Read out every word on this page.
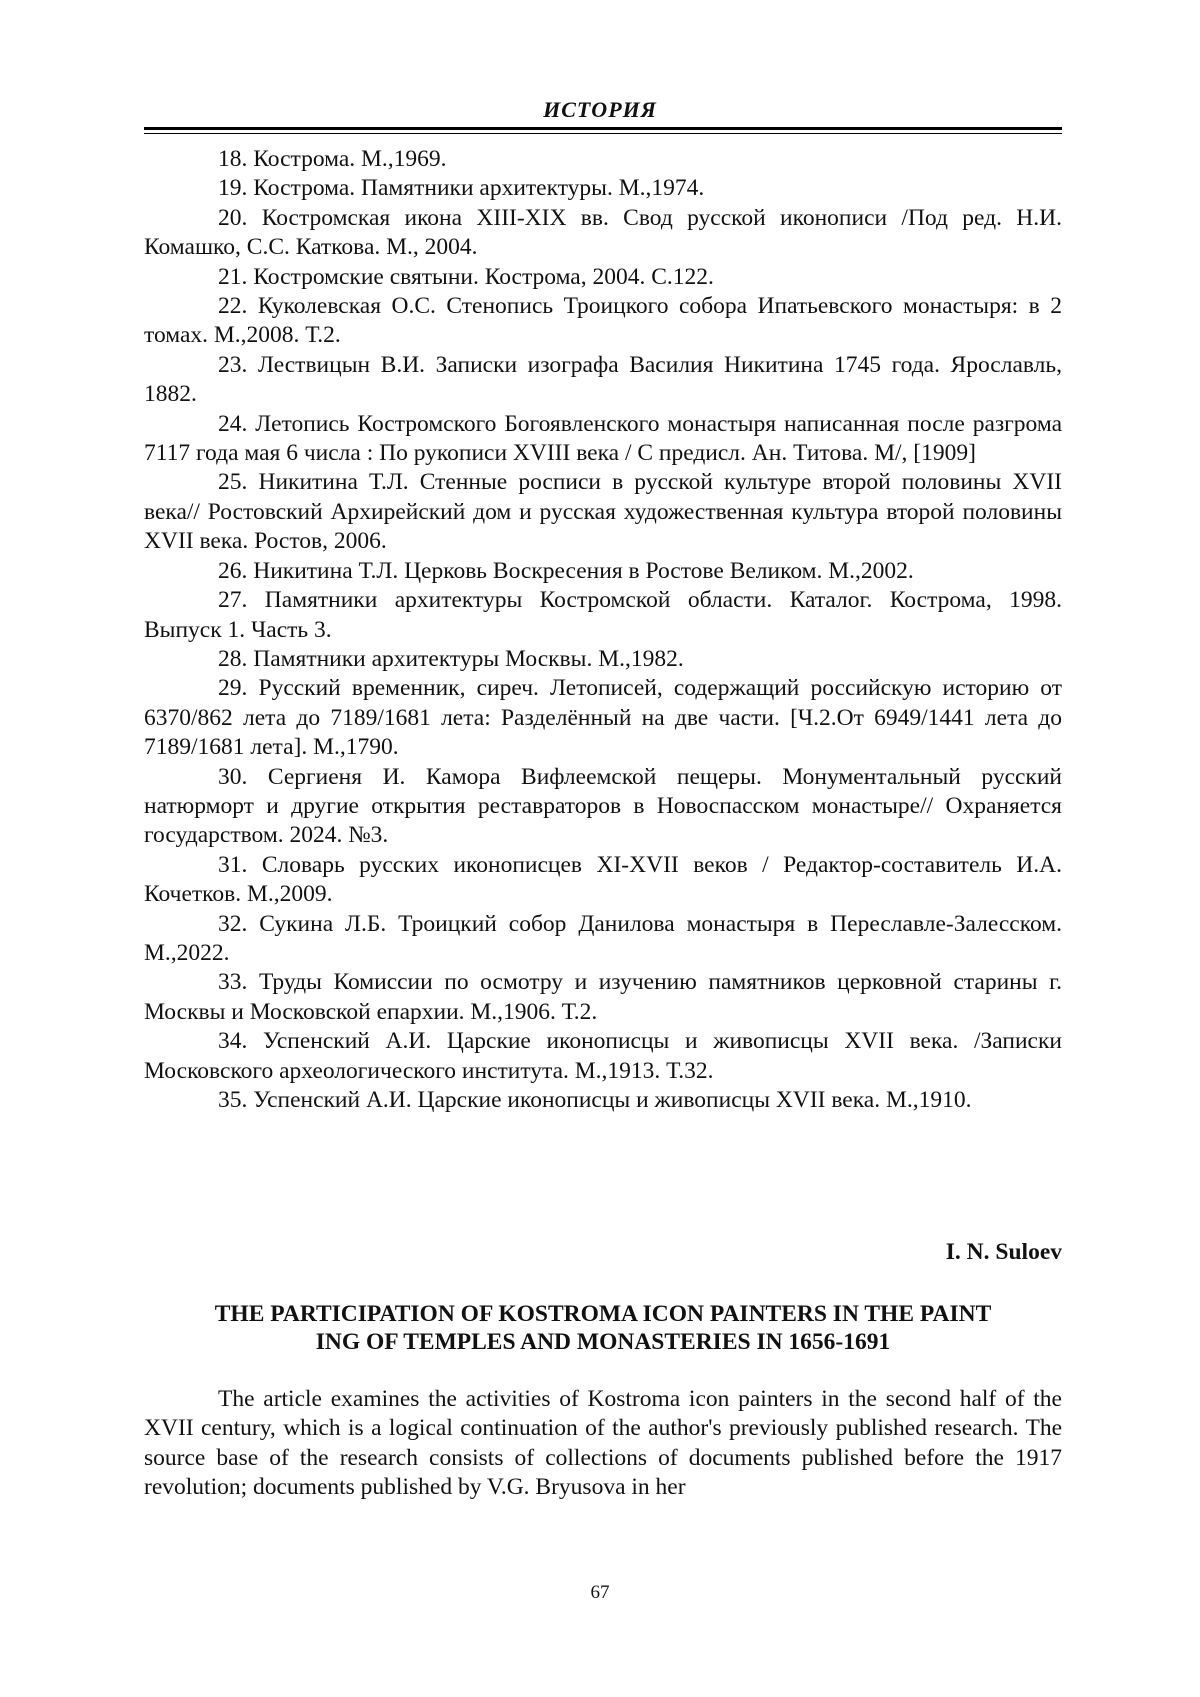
ИСТОРИЯ
18. Кострома. М.,1969.
19. Кострома. Памятники архитектуры. М.,1974.
20. Костромская икона XIII-XIX вв. Свод русской иконописи /Под ред. Н.И. Комашко, С.С. Каткова. М., 2004.
21. Костромские святыни. Кострома, 2004. С.122.
22. Куколевская О.С. Стенопись Троицкого собора Ипатьевского монастыря: в 2 томах. М.,2008. Т.2.
23. Лествицын В.И. Записки изографа Василия Никитина 1745 года. Ярославль, 1882.
24. Летопись Костромского Богоявленского монастыря написанная после разгрома 7117 года мая 6 числа : По рукописи XVIII века / С предисл. Ан. Титова. М/, [1909]
25. Никитина Т.Л. Стенные росписи в русской культуре второй половины XVII века// Ростовский Архирейский дом и русская художественная культура второй половины XVII века. Ростов, 2006.
26. Никитина Т.Л. Церковь Воскресения в Ростове Великом. М.,2002.
27. Памятники архитектуры Костромской области. Каталог. Кострома, 1998. Выпуск 1. Часть 3.
28. Памятники архитектуры Москвы. М.,1982.
29. Русский временник, сиреч. Летописей, содержащий российскую историю от 6370/862 лета до 7189/1681 лета: Разделённый на две части. [Ч.2.От 6949/1441 лета до 7189/1681 лета]. М.,1790.
30. Сергиеня И. Камора Вифлеемской пещеры. Монументальный русский натюрморт и другие открытия реставраторов в Новоспасском монастыре// Охраняется государством. 2024. №3.
31. Словарь русских иконописцев XI-XVII веков / Редактор-составитель И.А. Кочетков. М.,2009.
32. Сукина Л.Б. Троицкий собор Данилова монастыря в Переславле-Залесском. М.,2022.
33. Труды Комиссии по осмотру и изучению памятников церковной старины г. Москвы и Московской епархии. М.,1906. Т.2.
34. Успенский А.И. Царские иконописцы и живописцы XVII века. /Записки Московского археологического института. М.,1913. Т.32.
35. Успенский А.И. Царские иконописцы и живописцы XVII века. М.,1910.
I. N. Suloev
THE PARTICIPATION OF KOSTROMA ICON PAINTERS IN THE PAINT
ING OF TEMPLES AND MONASTERIES IN 1656-1691

The article examines the activities of Kostroma icon painters in the second half of the XVII century, which is a logical continuation of the author's previously published research. The source base of the research consists of collections of documents published before the 1917 revolution; documents published by V.G. Bryusova in her

67
